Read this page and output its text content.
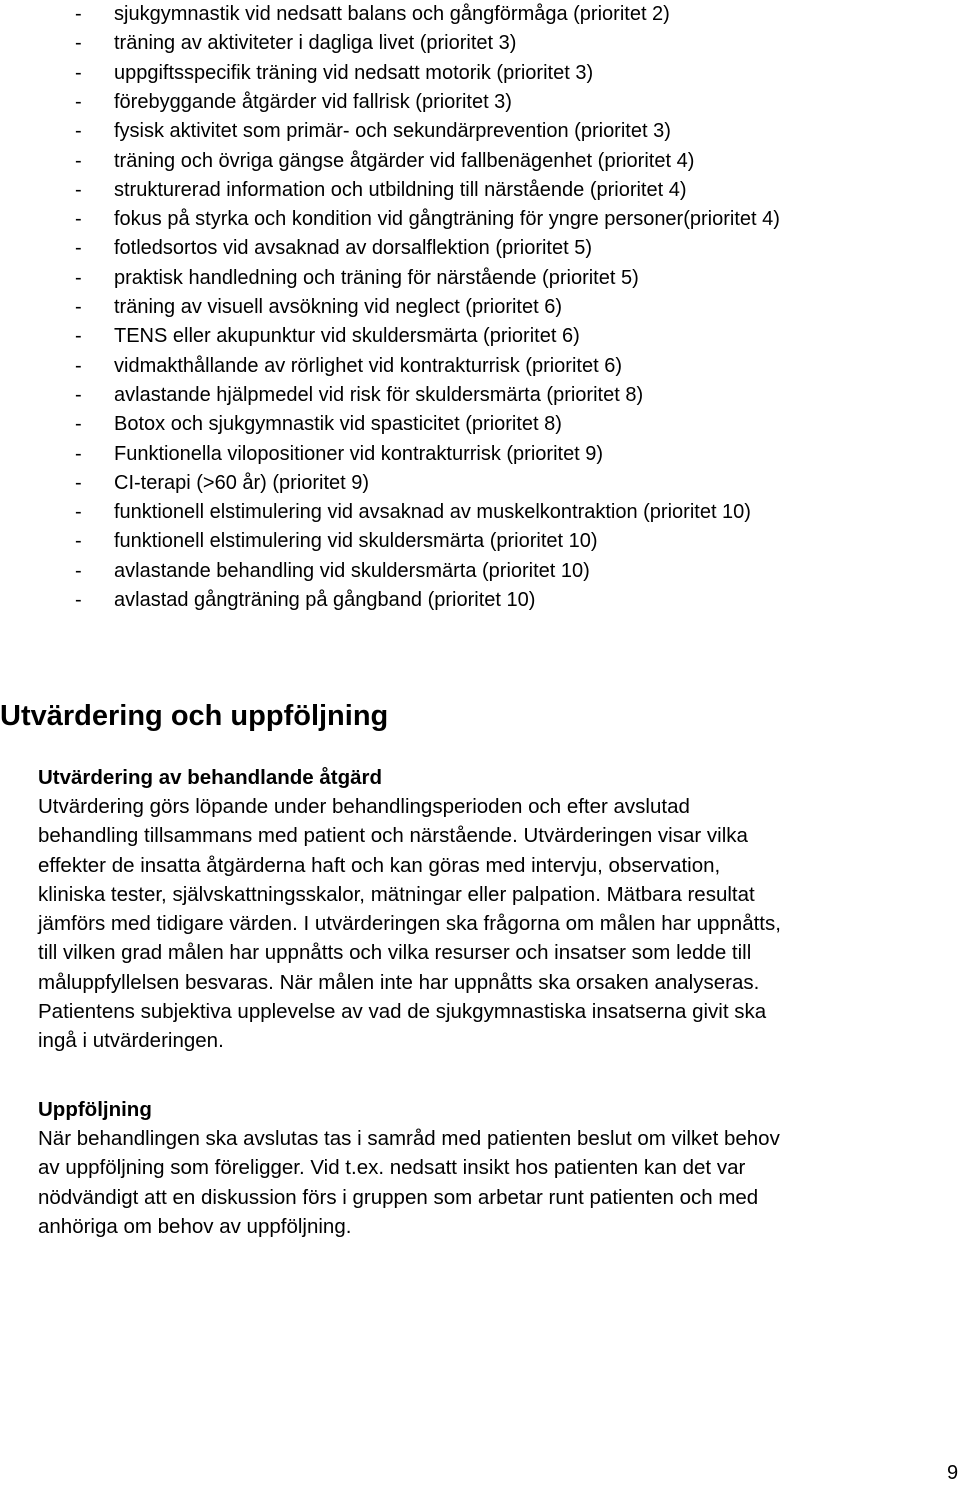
- sjukgymnastik vid nedsatt balans och gångförmåga (prioritet 2)
- träning av aktiviteter i dagliga livet (prioritet 3)
- uppgiftsspecifik träning vid nedsatt motorik (prioritet 3)
- förebyggande åtgärder vid fallrisk (prioritet 3)
- fysisk aktivitet som primär- och sekundärprevention (prioritet 3)
- träning och övriga gängse åtgärder vid fallbenägenhet (prioritet 4)
- strukturerad information och utbildning till närstående (prioritet 4)
- fokus på styrka och kondition vid gångträning för yngre personer(prioritet 4)
- fotledsortos vid avsaknad av dorsalflektion (prioritet 5)
- praktisk handledning och träning för närstående (prioritet 5)
- träning av visuell avsökning vid neglect (prioritet 6)
- TENS eller akupunktur vid skuldersmärta (prioritet 6)
- vidmakthållande av rörlighet vid kontrakturrisk (prioritet 6)
- avlastande hjälpmedel vid risk för skuldersmärta (prioritet 8)
- Botox och sjukgymnastik vid spasticitet (prioritet 8)
- Funktionella vilopositioner vid kontrakturrisk (prioritet 9)
- CI-terapi (>60 år) (prioritet 9)
- funktionell elstimulering vid avsaknad av muskelkontraktion (prioritet 10)
- funktionell elstimulering vid skuldersmärta (prioritet 10)
- avlastande behandling vid skuldersmärta (prioritet 10)
- avlastad gångträning på gångband (prioritet 10)
Utvärdering och uppföljning
Utvärdering av behandlande åtgärd

Utvärdering görs löpande under behandlingsperioden och efter avslutad
behandling tillsammans med patient och närstående. Utvärderingen visar vilka
effekter de insatta åtgärderna haft och kan göras med intervju, observation,
kliniska tester, självskattningsskalor, mätningar eller palpation. Mätbara resultat
jämförs med tidigare värden. I utvärderingen ska frågorna om målen har uppnåtts,
till vilken grad målen har uppnåtts och vilka resurser och insatser som ledde till
måluppfyllelsen besvaras. När målen inte har uppnåtts ska orsaken analyseras.
Patientens subjektiva upplevelse av vad de sjukgymnastiska insatserna givit ska
ingå i utvärderingen.

Uppföljning

När behandlingen ska avslutas tas i samråd med patienten beslut om vilket behov
av uppföljning som föreligger. Vid t.ex. nedsatt insikt hos patienten kan det var
nödvändigt att en diskussion förs i gruppen som arbetar runt patienten och med
anhöriga om behov av uppföljning.

9
